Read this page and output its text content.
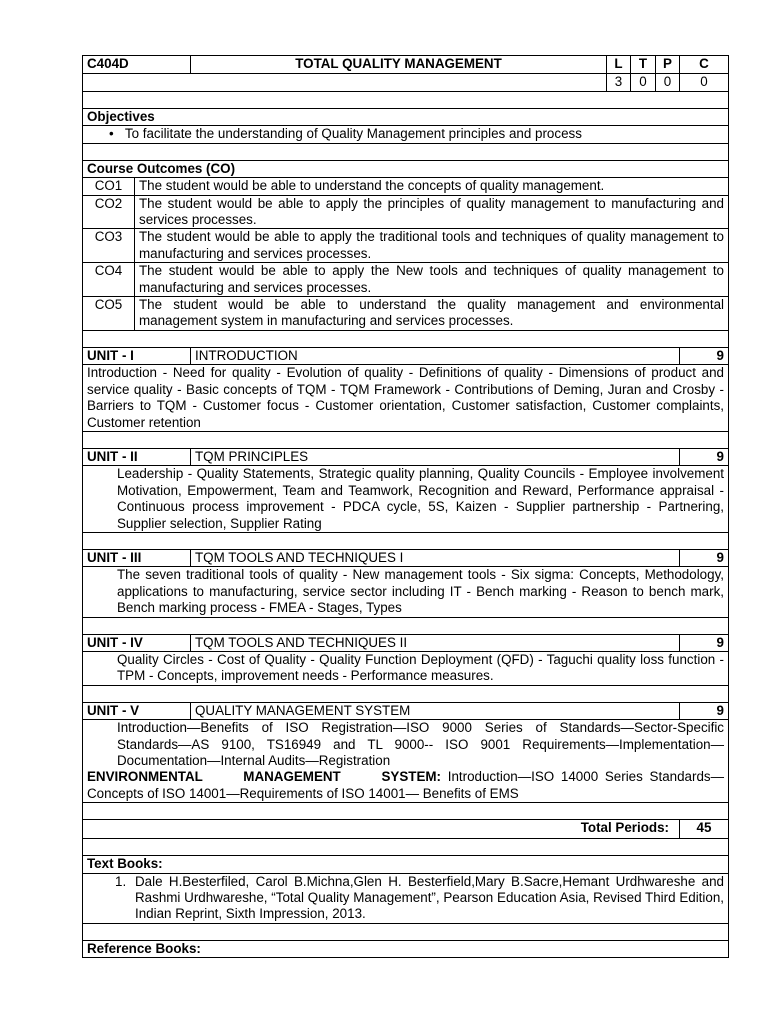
C404D		TOTAL QUALITY MANAGEMENT	L	T	P	C
			3	0	0	0

Objectives						
• To facilitate the understanding of Quality Management principles and process						

Course Outcomes (CO)						
CO1	The student would be able to understand the concepts of quality management.					
CO2	The student would be able to apply the principles of quality management to manufacturing and services processes.					
CO3	The student would be able to apply the traditional tools and techniques of quality management to manufacturing and services processes.					
CO4	The student would be able to apply the New tools and techniques of quality management to manufacturing and services processes.					
CO5	The student would be able to understand the quality management and environmental management system in manufacturing and services processes.					

UNIT - I		INTRODUCTION				9
Introduction - Need for quality - Evolution of quality - Definitions of quality - Dimensions of product and service quality - Basic concepts of TQM - TQM Framework - Contributions of Deming, Juran and Crosby - Barriers to TQM - Customer focus - Customer orientation, Customer satisfaction, Customer complaints, Customer retention						

UNIT - II		TQM PRINCIPLES				9
Leadership - Quality Statements, Strategic quality planning, Quality Councils - Employee involvement Motivation, Empowerment, Team and Teamwork, Recognition and Reward, Performance appraisal - Continuous process improvement - PDCA cycle, 5S, Kaizen - Supplier partnership - Partnering, Supplier selection, Supplier Rating						

UNIT - III		TQM TOOLS AND TECHNIQUES I				9
The seven traditional tools of quality - New management tools - Six sigma: Concepts, Methodology, applications to manufacturing, service sector including IT - Bench marking - Reason to bench mark, Bench marking process - FMEA - Stages, Types						

UNIT - IV		TQM TOOLS AND TECHNIQUES II				9
Quality Circles - Cost of Quality - Quality Function Deployment (QFD) - Taguchi quality loss function - TPM - Concepts, improvement needs - Performance measures.						

UNIT - V		QUALITY MANAGEMENT SYSTEM				9

Introduction—Benefits of ISO Registration—ISO 9000 Series of Standards—Sector-Specific Standards—AS 9100, TS16949 and TL 9000-- ISO 9001 Requirements—Implementation— Documentation—Internal Audits—Registration
ENVIRONMENTAL MANAGEMENT SYSTEM: Introduction—ISO 14000 Series Standards—Concepts of ISO 14001—Requirements of ISO 14001— Benefits of EMS						

Total Periods:						45

Text Books:						

1. Dale H.Besterfiled, Carol B.Michna,Glen H. Besterfield,Mary B.Sacre,Hemant Urdhwareshe and Rashmi Urdhwareshe, “Total Quality Management”, Pearson Education Asia, Revised Third Edition, Indian Reprint, Sixth Impression, 2013.						

Reference Books:						
